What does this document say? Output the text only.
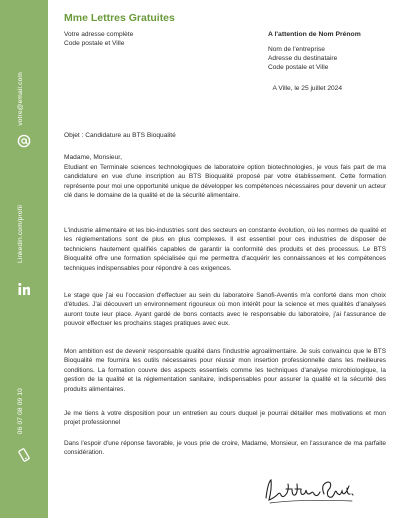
votre@email.com
Linkedin.com/profil
06 07 08 09 10
Mme Lettres Gratuites
Votre adresse complète
Code postale et Ville
A l'attention de Nom Prénom
Nom de l'entreprise
Adresse du destinataire
Code postale et Ville
A Ville, le 25 juillet 2024
Objet : Candidature au BTS Bioqualité
Madame, Monsieur,

Etudiant en Terminale sciences technologiques de laboratoire option biotechnologies, je vous fais part de ma candidature en vue d'une inscription au BTS Bioqualité proposé par votre établissement. Cette formation représente pour moi une opportunité unique de développer les compétences nécessaires pour devenir un acteur clé dans le domaine de la qualité et de la sécurité alimentaire.

L'industrie alimentaire et les bio-industries sont des secteurs en constante évolution, où les normes de qualité et les réglementations sont de plus en plus complexes. Il est essentiel pour ces industries de disposer de techniciens hautement qualifiés capables de garantir la conformité des produits et des processus. Le BTS Bioqualité offre une formation spécialisée qui me permettra d'acquérir les connaissances et les compétences techniques indispensables pour répondre à ces exigences.

Le stage que j'ai eu l'occasion d'effectuer au sein du laboratoire Sanofi-Aventis m'a conforté dans mon choix d'études. J'ai découvert un environnement rigoureux où mon intérêt pour la science et mes qualités d'analyses auront toute leur place. Ayant gardé de bons contacts avec le responsable du laboratoire, j'ai l'assurance de pouvoir effectuer les prochains stages pratiques avec eux.

Mon ambition est de devenir responsable qualité dans l'industrie agroalimentaire. Je suis convaincu que le BTS Bioqualité me fournira les outils nécessaires pour réussir mon insertion professionnelle dans les meilleures conditions. La formation couvre des aspects essentiels comme les techniques d'analyse microbiologique, la gestion de la qualité et la réglementation sanitaire, indispensables pour assurer la qualité et la sécurité des produits alimentaires.

Je me tiens à votre disposition pour un entretien au cours duquel je pourrai détailler mes motivations et mon projet professionnel

Dans l'espoir d'une réponse favorable, je vous prie de croire, Madame, Monsieur, en l'assurance de ma parfaite considération.
